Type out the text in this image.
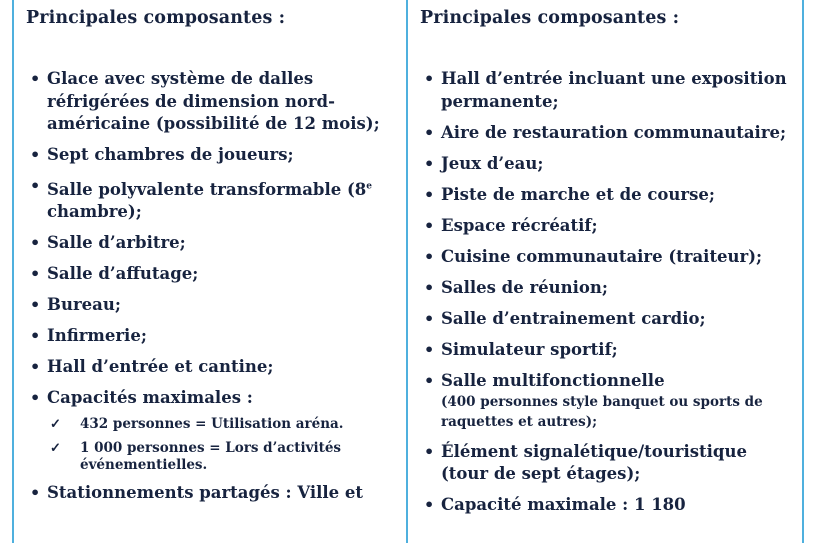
Principales composantes :
• Glace avec système de dalles réfrigérées de dimension nord-américaine (possibilité de 12 mois);
• Sept chambres de joueurs;
• Salle polyvalente transformable (8e chambre);
• Salle d’arbitre;
• Salle d’affutage;
• Bureau;
• Infirmerie;
• Hall d’entrée et cantine;
• Capacités maximales :
✓ 432 personnes = Utilisation aréna.
✓ 1 000 personnes = Lors d’activités événementielles.
• Stationnements partagés : Ville et
Principales composantes :
• Hall d’entrée incluant une exposition permanente;
• Aire de restauration communautaire;
• Jeux d’eau;
• Piste de marche et de course;
• Espace récréatif;
• Cuisine communautaire (traiteur);
• Salles de réunion;
• Salle d’entrainement cardio;
• Simulateur sportif;
• Salle multifonctionnelle
(400 personnes style banquet ou sports de raquettes et autres);
• Élément signalétique/touristique (tour de sept étages);
• Capacité maximale : 1 180
